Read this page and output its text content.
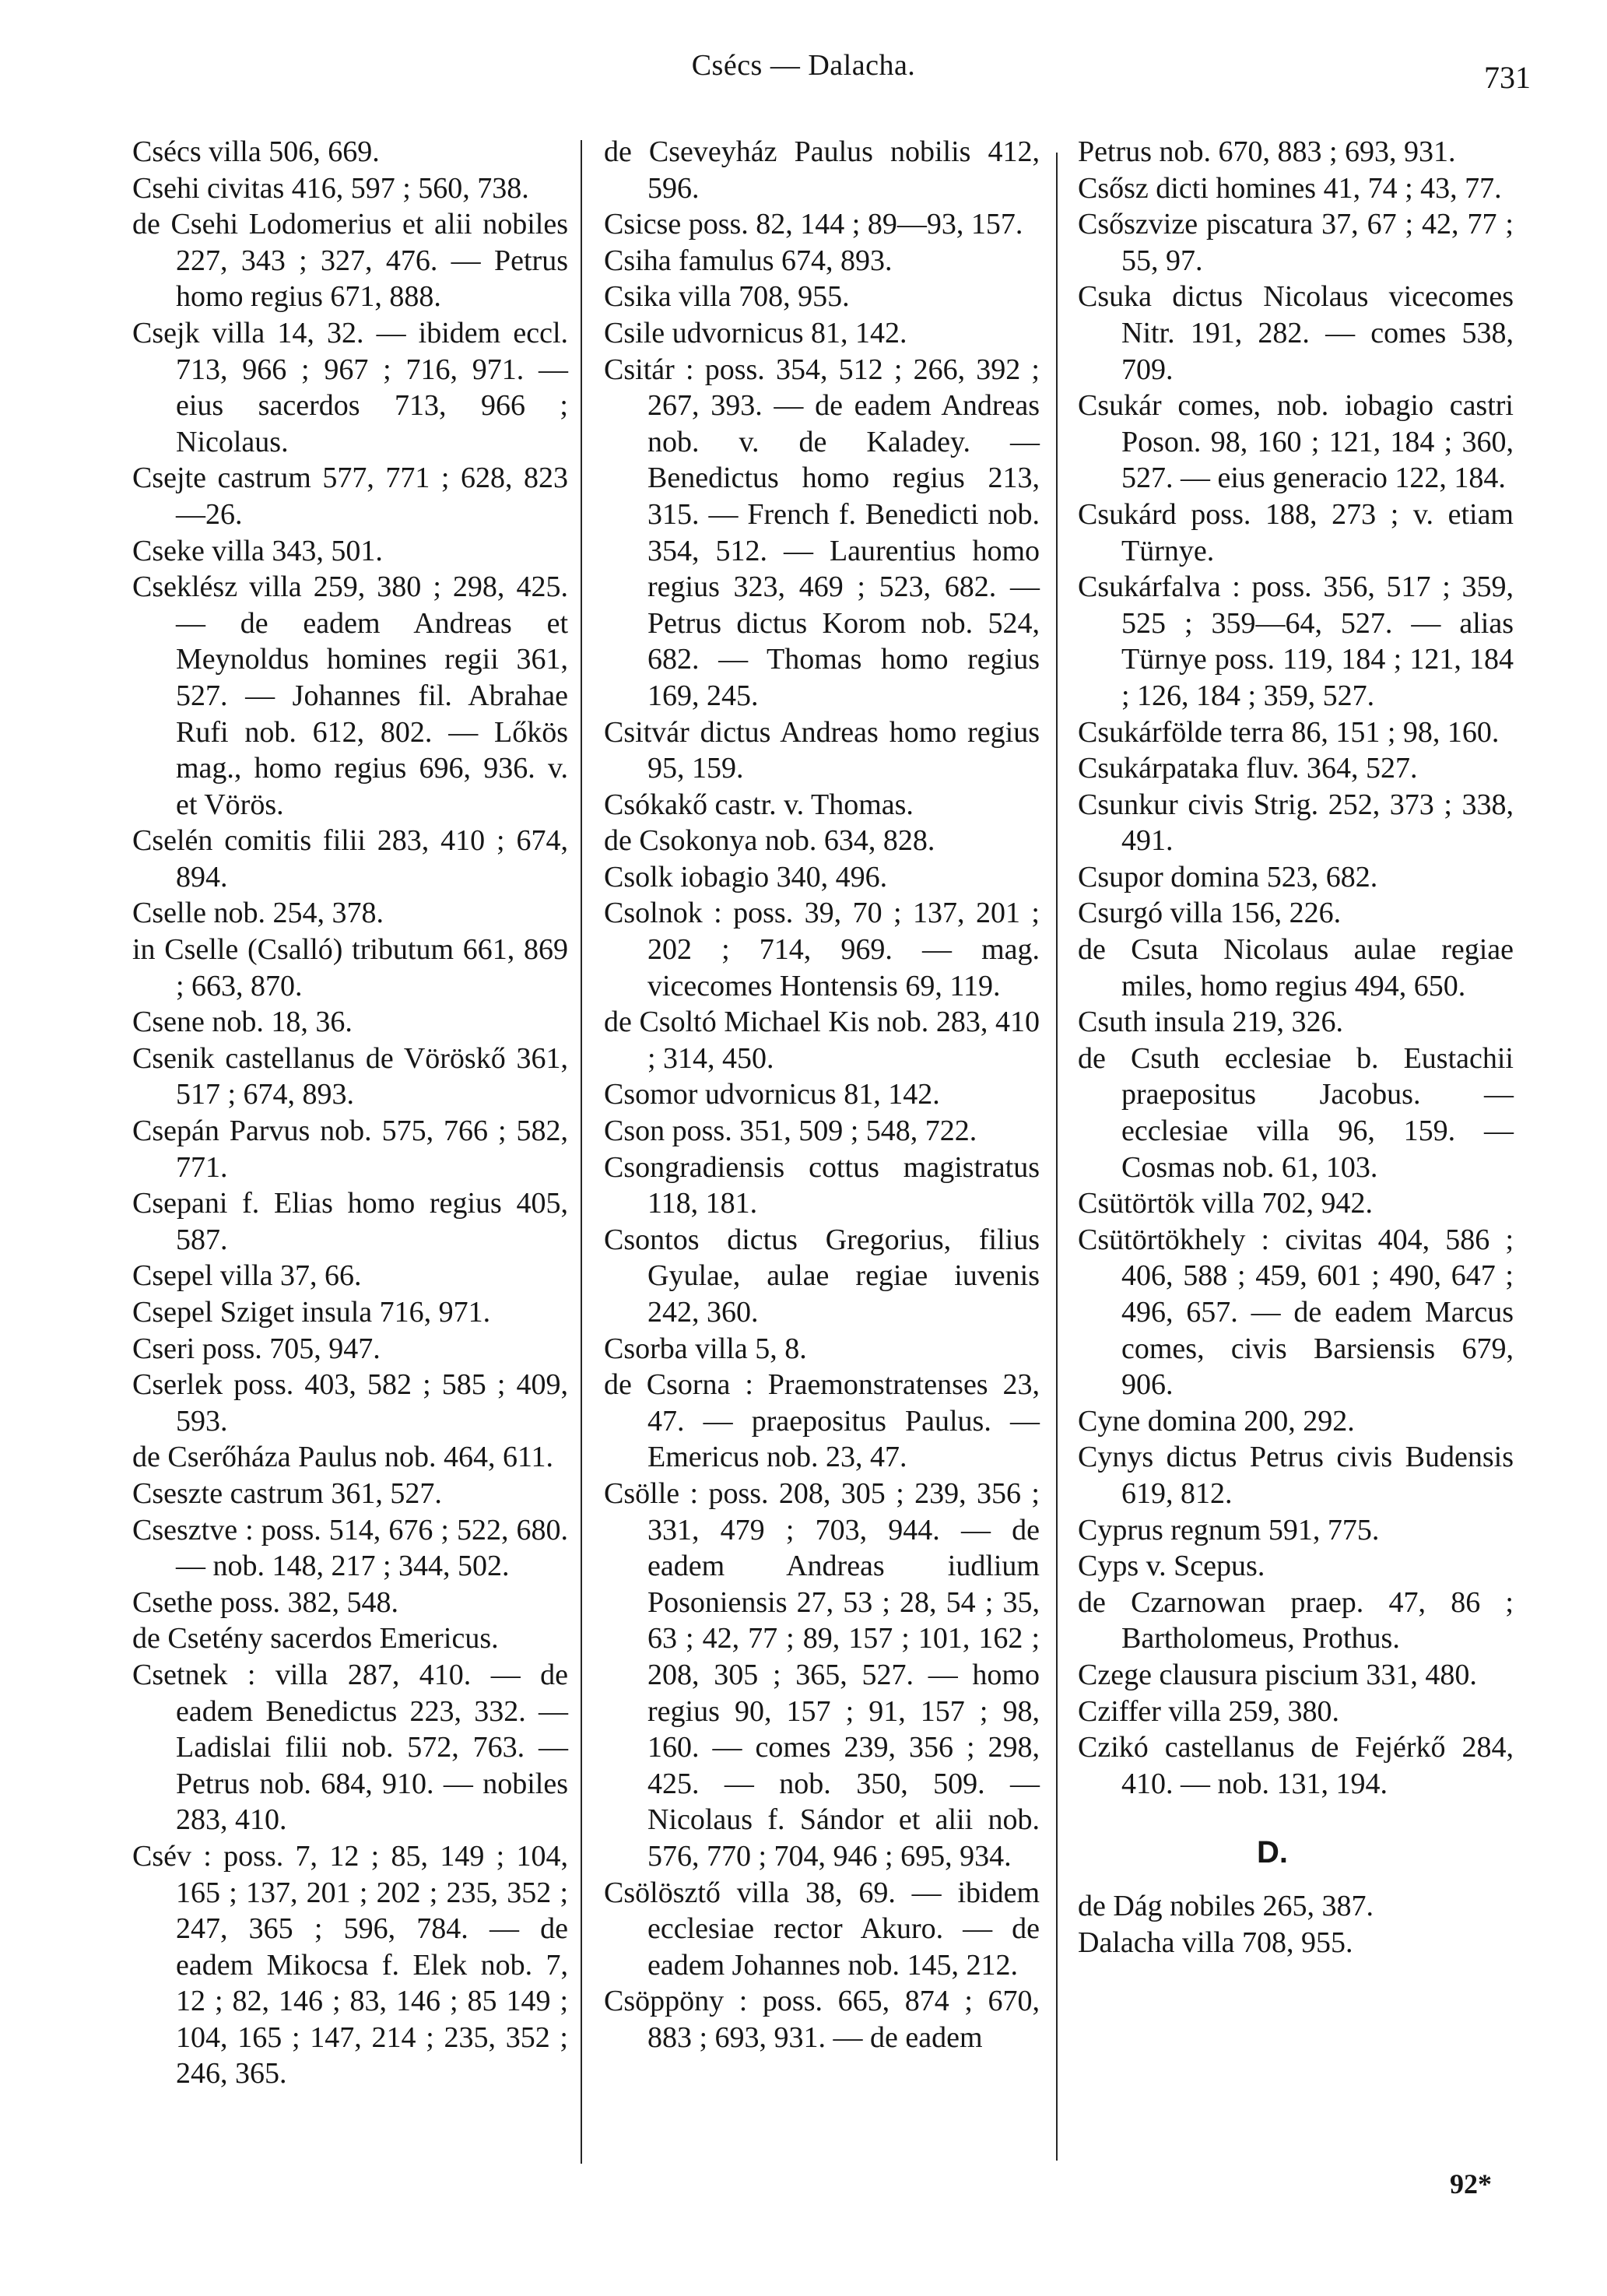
Csécs — Dalacha.	731
Csécs villa 506, 669.
Csehi civitas 416, 597 ; 560, 738.
de Csehi Lodomerius et alii nobiles 227, 343 ; 327, 476. — Petrus homo regius 671, 888.
Csejk villa 14, 32. — ibidem eccl. 713, 966 ; 967 ; 716, 971. — eius sacerdos 713, 966 ; Nicolaus.
Csejte castrum 577, 771 ; 628, 823—26.
Cseke villa 343, 501.
Cseklész villa 259, 380 ; 298, 425. — de eadem Andreas et Meynoldus homines regii 361, 527. — Johannes fil. Abrahae Rufi nob. 612, 802. — Lőkös mag., homo regius 696, 936. v. et Vörös.
Cselén comitis filii 283, 410 ; 674, 894.
Cselle nob. 254, 378.
in Cselle (Csalló) tributum 661, 869 ; 663, 870.
Csene nob. 18, 36.
Csenik castellanus de Vöröskő 361, 517 ; 674, 893.
Csepán Parvus nob. 575, 766 ; 582, 771.
Csepani f. Elias homo regius 405, 587.
Csepel villa 37, 66.
Csepel Sziget insula 716, 971.
Cseri poss. 705, 947.
Cserlek poss. 403, 582 ; 585 ; 409, 593.
de Cserőháza Paulus nob. 464, 611.
Cseszte castrum 361, 527.
Csesztve : poss. 514, 676 ; 522, 680. — nob. 148, 217 ; 344, 502.
Csethe poss. 382, 548.
de Csetény sacerdos Emericus.
Csetnek : villa 287, 410. — de eadem Benedictus 223, 332. — Ladislai filii nob. 572, 763. — Petrus nob. 684, 910. — nobiles 283, 410.
Csév : poss. 7, 12 ; 85, 149 ; 104, 165 ; 137, 201 ; 202 ; 235, 352 ; 247, 365 ; 596, 784. — de eadem Mikocsa f. Elek nob. 7, 12 ; 82, 146 ; 83, 146 ; 85 149 ; 104, 165 ; 147, 214 ; 235, 352 ; 246, 365.
de Cseveyház Paulus nobilis 412, 596.
Csicse poss. 82, 144 ; 89—93, 157.
Csiha famulus 674, 893.
Csika villa 708, 955.
Csile udvornicus 81, 142.
Csitár : poss. 354, 512 ; 266, 392 ; 267, 393. — de eadem Andreas nob. v. de Kaladey. — Benedictus homo regius 213, 315. — French f. Benedicti nob. 354, 512. — Laurentius homo regius 323, 469 ; 523, 682. — Petrus dictus Korom nob. 524, 682. — Thomas homo regius 169, 245.
Csitvár dictus Andreas homo regius 95, 159.
Csókakő castr. v. Thomas.
de Csokonya nob. 634, 828.
Csolk iobagio 340, 496.
Csolnok : poss. 39, 70 ; 137, 201 ; 202 ; 714, 969. — mag. vicecomes Hontensis 69, 119.
de Csoltó Michael Kis nob. 283, 410 ; 314, 450.
Csomor udvornicus 81, 142.
Cson poss. 351, 509 ; 548, 722.
Csongradiensis cottus magistratus 118, 181.
Csontos dictus Gregorius, filius Gyulae, aulae regiae iuvenis 242, 360.
Csorba villa 5, 8.
de Csorna : Praemonstratenses 23, 47. — praepositus Paulus. — Emericus nob. 23, 47.
Csölle : poss. 208, 305 ; 239, 356 ; 331, 479 ; 703, 944. — de eadem Andreas iudlium Posoniensis 27, 53 ; 28, 54 ; 35, 63 ; 42, 77 ; 89, 157 ; 101, 162 ; 208, 305 ; 365, 527. — homo regius 90, 157 ; 91, 157 ; 98, 160. — comes 239, 356 ; 298, 425. — nob. 350, 509. — Nicolaus f. Sándor et alii nob. 576, 770 ; 704, 946 ; 695, 934.
Csölösztő villa 38, 69. — ibidem ecclesiae rector Akuro. — de eadem Johannes nob. 145, 212.
Csöppöny : poss. 665, 874 ; 670, 883 ; 693, 931. — de eadem
Petrus nob. 670, 883 ; 693, 931.
Csősz dicti homines 41, 74 ; 43, 77.
Csőszvize piscatura 37, 67 ; 42, 77 ; 55, 97.
Csuka dictus Nicolaus vicecomes Nitr. 191, 282. — comes 538, 709.
Csukár comes, nob. iobagio castri Poson. 98, 160 ; 121, 184 ; 360, 527. — eius generacio 122, 184.
Csukárd poss. 188, 273 ; v. etiam Türnye.
Csukárfalva : poss. 356, 517 ; 359, 525 ; 359—64, 527. — alias Türnye poss. 119, 184 ; 121, 184 ; 126, 184 ; 359, 527.
Csukárfölde terra 86, 151 ; 98, 160.
Csukárpataka fluv. 364, 527.
Csunkur civis Strig. 252, 373 ; 338, 491.
Csupor domina 523, 682.
Csurgó villa 156, 226.
de Csuta Nicolaus aulae regiae miles, homo regius 494, 650.
Csuth insula 219, 326.
de Csuth ecclesiae b. Eustachii praepositus Jacobus. — ecclesiae villa 96, 159. — Cosmas nob. 61, 103.
Csütörtök villa 702, 942.
Csütörtökhely : civitas 404, 586 ; 406, 588 ; 459, 601 ; 490, 647 ; 496, 657. — de eadem Marcus comes, civis Barsiensis 679, 906.
Cyne domina 200, 292.
Cynys dictus Petrus civis Budensis 619, 812.
Cyprus regnum 591, 775.
Cyps v. Scepus.
de Czarnowan praep. 47, 86 ; Bartholomeus, Prothus.
Czege clausura piscium 331, 480.
Cziffer villa 259, 380.
Czikó castellanus de Fejérkő 284, 410. — nob. 131, 194.
D.
de Dág nobiles 265, 387.
Dalacha villa 708, 955.
92*
